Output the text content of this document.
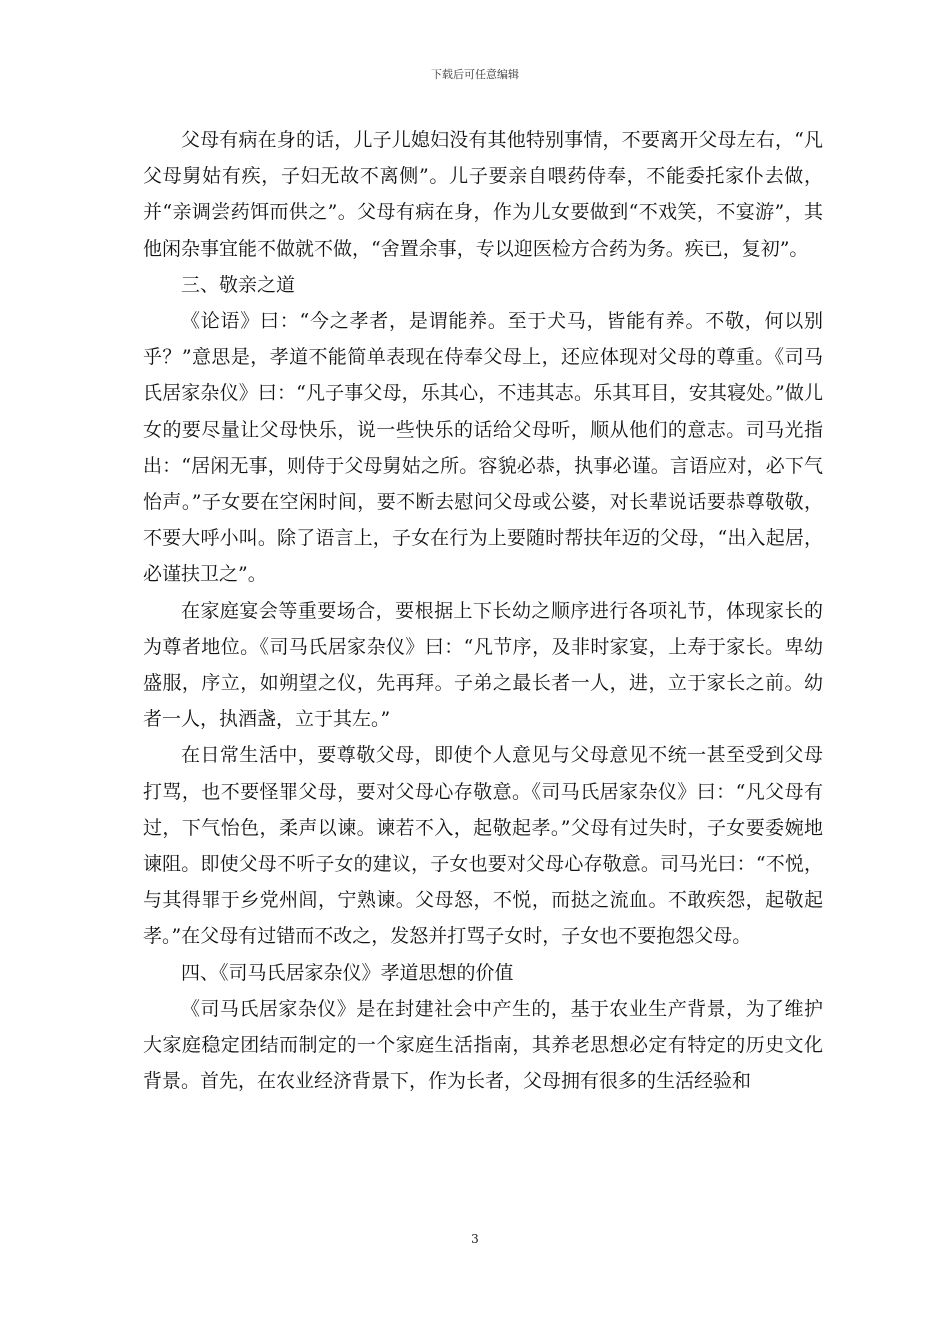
下载后可任意编辑

父母有病在身的话，儿子儿媳妇没有其他特别事情，不要离开父母左右，“凡父母舅姑有疾，子妇无故不离侧”。儿子要亲自喂药侍奉，不能委托家仆去做，并“亲调尝药饵而供之”。父母有病在身，作为儿女要做到“不戏笑，不宴游”，其他闲杂事宜能不做就不做，“舍置余事，专以迎医检方合药为务。疾已，复初”。

三、敬亲之道

《论语》曰：“今之孝者，是谓能养。至于犬马，皆能有养。不敬，何以别乎？”意思是，孝道不能简单表现在侍奉父母上，还应体现对父母的尊重。《司马氏居家杂仪》曰：“凡子事父母，乐其心，不违其志。乐其耳目，安其寝处。”做儿女的要尽量让父母快乐，说一些快乐的话给父母听，顺从他们的意志。司马光指出：“居闲无事，则侍于父母舅姑之所。容貌必恭，执事必谨。言语应对，必下气怡声。”子女要在空闲时间，要不断去慰问父母或公婆，对长辈说话要恭尊敬敬，不要大呼小叫。除了语言上，子女在行为上要随时帮扶年迈的父母，“出入起居，必谨扶卫之”。

在家庭宴会等重要场合，要根据上下长幼之顺序进行各项礼节，体现家长的为尊者地位。《司马氏居家杂仪》曰：“凡节序，及非时家宴，上寿于家长。卑幼盛服，序立，如朔望之仪，先再拜。子弟之最长者一人，进，立于家长之前。幼者一人，执酒盏，立于其左。”

在日常生活中，要尊敬父母，即使个人意见与父母意见不统一甚至受到父母打骂，也不要怪罪父母，要对父母心存敬意。《司马氏居家杂仪》曰：“凡父母有过，下气怡色，柔声以谏。谏若不入，起敬起孝。”父母有过失时，子女要委婉地谏阻。即使父母不听子女的建议，子女也要对父母心存敬意。司马光曰：“不悦，与其得罪于乡党州闾，宁熟谏。父母怒，不悦，而挞之流血。不敢疾怨，起敬起孝。”在父母有过错而不改之，发怒并打骂子女时，子女也不要抱怨父母。

四、《司马氏居家杂仪》孝道思想的价值

《司马氏居家杂仪》是在封建社会中产生的，基于农业生产背景，为了维护大家庭稳定团结而制定的一个家庭生活指南，其养老思想必定有特定的历史文化背景。首先，在农业经济背景下，作为长者，父母拥有很多的生活经验和

3
